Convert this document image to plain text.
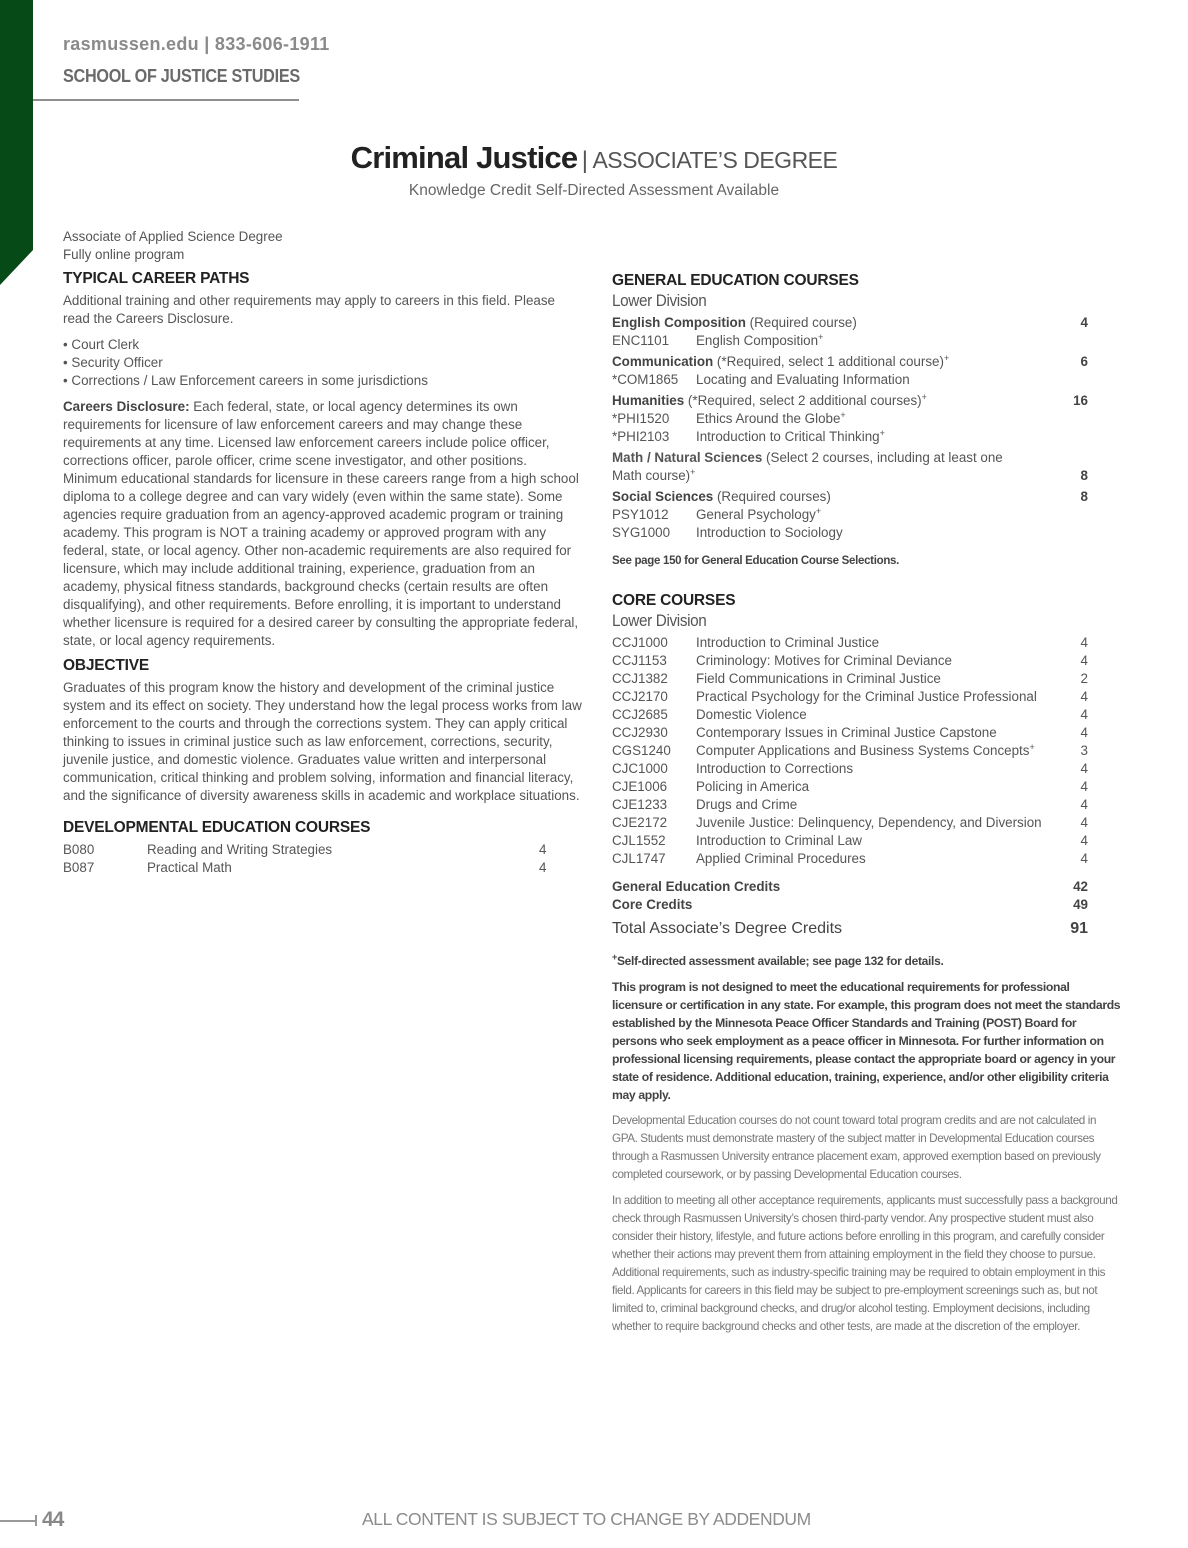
rasmussen.edu | 833-606-1911
SCHOOL OF JUSTICE STUDIES
Criminal Justice | ASSOCIATE’S DEGREE
Knowledge Credit Self-Directed Assessment Available
Associate of Applied Science Degree
Fully online program
TYPICAL CAREER PATHS
Additional training and other requirements may apply to careers in this field. Please read the Careers Disclosure.
• Court Clerk
• Security Officer
• Corrections / Law Enforcement careers in some jurisdictions
Careers Disclosure: Each federal, state, or local agency determines its own requirements for licensure of law enforcement careers and may change these requirements at any time. Licensed law enforcement careers include police officer, corrections officer, parole officer, crime scene investigator, and other positions. Minimum educational standards for licensure in these careers range from a high school diploma to a college degree and can vary widely (even within the same state). Some agencies require graduation from an agency-approved academic program or training academy. This program is NOT a training academy or approved program with any federal, state, or local agency. Other non-academic requirements are also required for licensure, which may include additional training, experience, graduation from an academy, physical fitness standards, background checks (certain results are often disqualifying), and other requirements. Before enrolling, it is important to understand whether licensure is required for a desired career by consulting the appropriate federal, state, or local agency requirements.
OBJECTIVE
Graduates of this program know the history and development of the criminal justice system and its effect on society. They understand how the legal process works from law enforcement to the courts and through the corrections system. They can apply critical thinking to issues in criminal justice such as law enforcement, corrections, security, juvenile justice, and domestic violence. Graduates value written and interpersonal communication, critical thinking and problem solving, information and financial literacy, and the significance of diversity awareness skills in academic and workplace situations.
DEVELOPMENTAL EDUCATION COURSES
B080	Reading and Writing Strategies	4
B087	Practical Math	4
GENERAL EDUCATION COURSES
Lower Division
English Composition (Required course)	4
ENC1101	English Composition+
Communication (*Required, select 1 additional course)+	6
*COM1865	Locating and Evaluating Information
Humanities (*Required, select 2 additional courses)+	16
*PHI1520	Ethics Around the Globe+
*PHI2103	Introduction to Critical Thinking+
Math / Natural Sciences (Select 2 courses, including at least one
Math course)+	8
Social Sciences (Required courses)	8
PSY1012	General Psychology+
SYG1000	Introduction to Sociology
See page 150 for General Education Course Selections.
CORE COURSES
Lower Division
CCJ1000	Introduction to Criminal Justice	4
CCJ1153	Criminology: Motives for Criminal Deviance	4
CCJ1382	Field Communications in Criminal Justice	2
CCJ2170	Practical Psychology for the Criminal Justice Professional	4
CCJ2685	Domestic Violence	4
CCJ2930	Contemporary Issues in Criminal Justice Capstone	4
CGS1240	Computer Applications and Business Systems Concepts+	3
CJC1000	Introduction to Corrections	4
CJE1006	Policing in America	4
CJE1233	Drugs and Crime	4
CJE2172	Juvenile Justice: Delinquency, Dependency, and Diversion	4
CJL1552	Introduction to Criminal Law	4
CJL1747	Applied Criminal Procedures	4
General Education Credits	42
Core Credits	49
Total Associate’s Degree Credits	91
+Self-directed assessment available; see page 132 for details.
This program is not designed to meet the educational requirements for professional licensure or certification in any state. For example, this program does not meet the standards established by the Minnesota Peace Officer Standards and Training (POST) Board for persons who seek employment as a peace officer in Minnesota. For further information on professional licensing requirements, please contact the appropriate board or agency in your state of residence. Additional education, training, experience, and/or other eligibility criteria may apply.
Developmental Education courses do not count toward total program credits and are not calculated in GPA. Students must demonstrate mastery of the subject matter in Developmental Education courses through a Rasmussen University entrance placement exam, approved exemption based on previously completed coursework, or by passing Developmental Education courses.
In addition to meeting all other acceptance requirements, applicants must successfully pass a background check through Rasmussen University’s chosen third-party vendor. Any prospective student must also consider their history, lifestyle, and future actions before enrolling in this program, and carefully consider whether their actions may prevent them from attaining employment in the field they choose to pursue. Additional requirements, such as industry-specific training may be required to obtain employment in this field. Applicants for careers in this field may be subject to pre-employment screenings such as, but not limited to, criminal background checks, and drug/or alcohol testing. Employment decisions, including whether to require background checks and other tests, are made at the discretion of the employer.
44	ALL CONTENT IS SUBJECT TO CHANGE BY ADDENDUM
